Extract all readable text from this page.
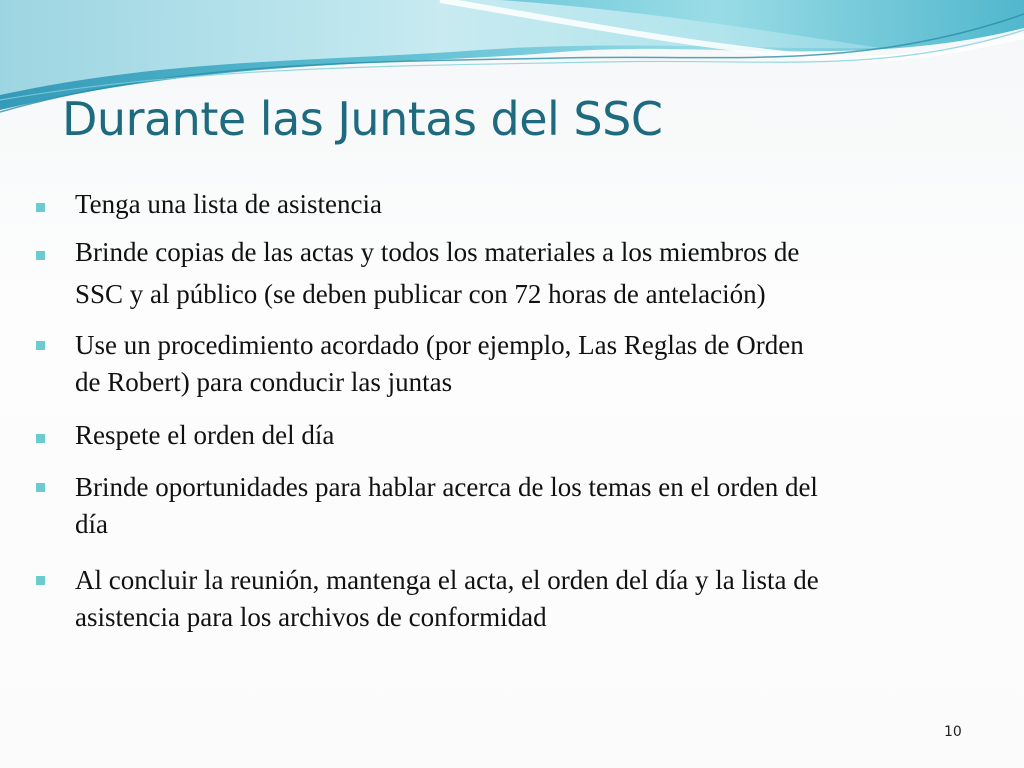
Durante las Juntas del SSC
Tenga una lista de asistencia
Brinde copias de las actas y todos los materiales a los miembros de
SSC y al público (se deben publicar con 72 horas de antelación)
Use un procedimiento acordado (por ejemplo, Las Reglas de Orden
de Robert) para conducir las juntas
Respete el orden del día
Brinde oportunidades para hablar acerca de los temas en el orden del
día
Al concluir la reunión, mantenga el acta, el orden del día y la lista de
asistencia para los archivos de conformidad
10
